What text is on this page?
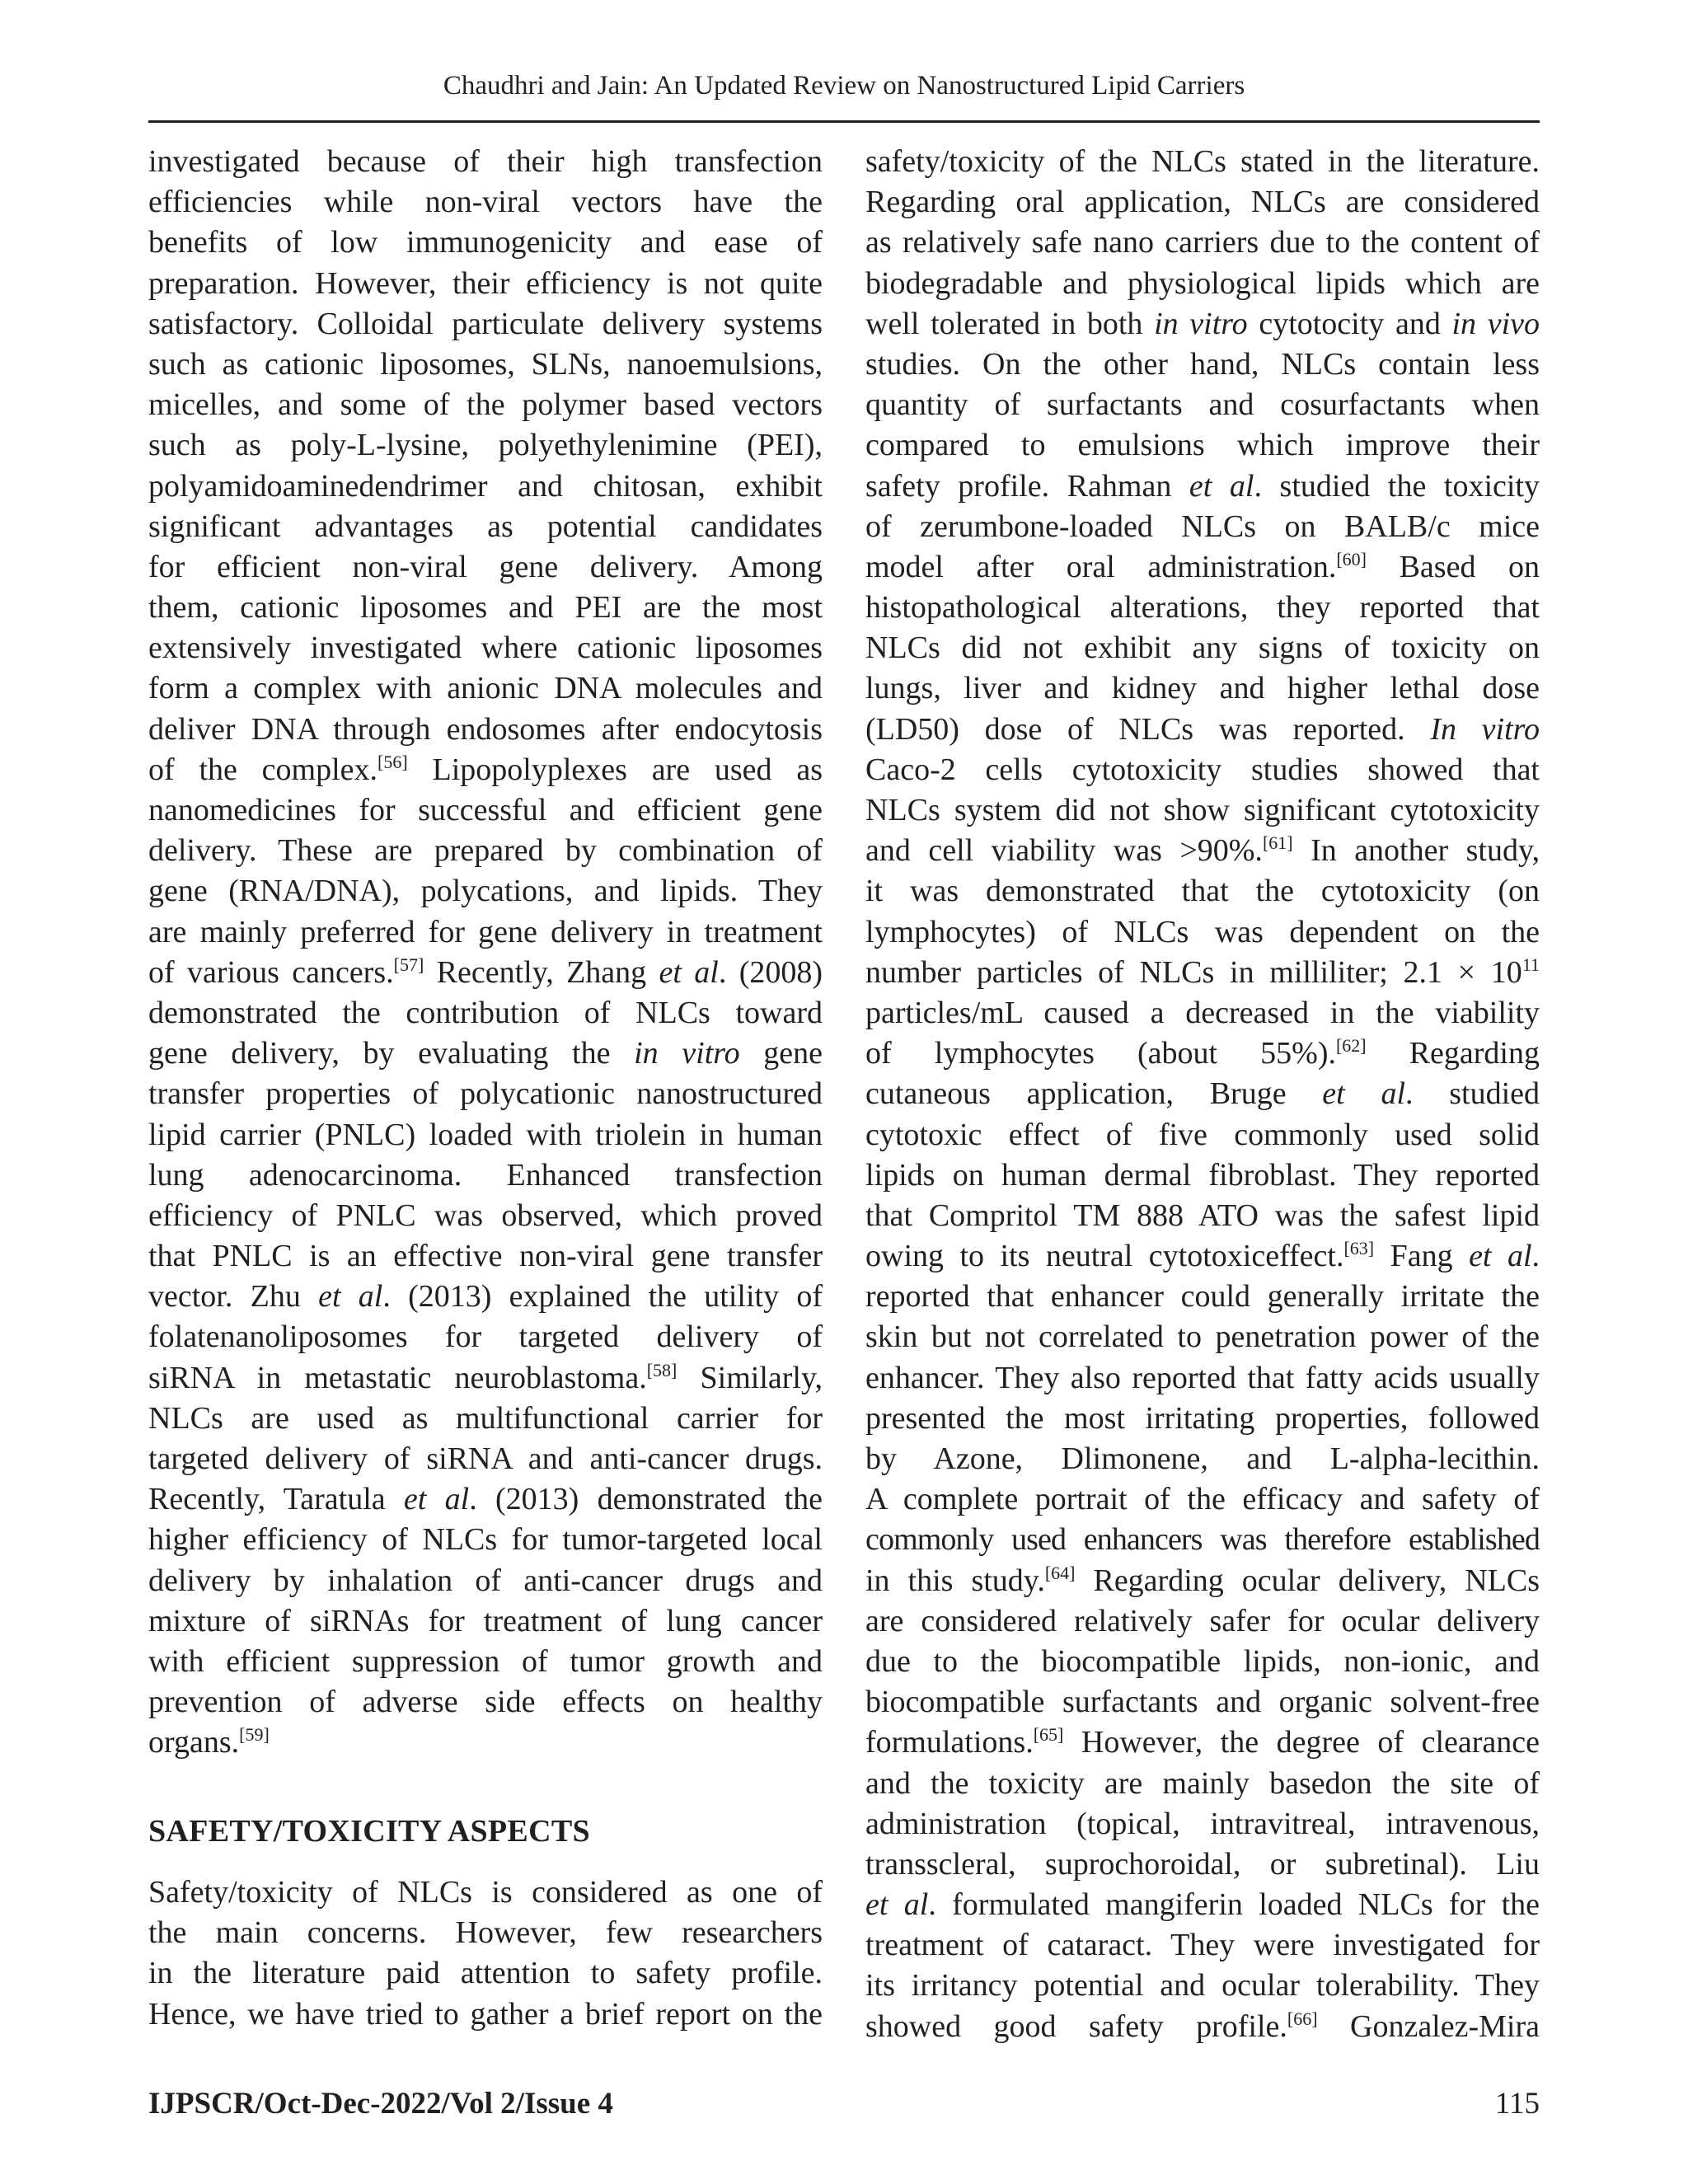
Chaudhri and Jain: An Updated Review on Nanostructured Lipid Carriers
investigated because of their high transfection
efficiencies while non-viral vectors have the
benefits of low immunogenicity and ease of
preparation. However, their efficiency is not quite
satisfactory. Colloidal particulate delivery systems
such as cationic liposomes, SLNs, nanoemulsions,
micelles, and some of the polymer based vectors
such as poly-L-lysine, polyethylenimine (PEI),
polyamidoaminedendrimer and chitosan, exhibit
significant advantages as potential candidates
for efficient non-viral gene delivery. Among
them, cationic liposomes and PEI are the most
extensively investigated where cationic liposomes
form a complex with anionic DNA molecules and
deliver DNA through endosomes after endocytosis
of the complex.[56] Lipopolyplexes are used as
nanomedicines for successful and efficient gene
delivery. These are prepared by combination of
gene (RNA/DNA), polycations, and lipids. They
are mainly preferred for gene delivery in treatment
of various cancers.[57] Recently, Zhang et al. (2008)
demonstrated the contribution of NLCs toward
gene delivery, by evaluating the in vitro gene
transfer properties of polycationic nanostructured
lipid carrier (PNLC) loaded with triolein in human
lung adenocarcinoma. Enhanced transfection
efficiency of PNLC was observed, which proved
that PNLC is an effective non-viral gene transfer
vector. Zhu et al. (2013) explained the utility of
folatenanoliposomes for targeted delivery of
siRNA in metastatic neuroblastoma.[58] Similarly,
NLCs are used as multifunctional carrier for
targeted delivery of siRNA and anti-cancer drugs.
Recently, Taratula et al. (2013) demonstrated the
higher efficiency of NLCs for tumor-targeted local
delivery by inhalation of anti-cancer drugs and
mixture of siRNAs for treatment of lung cancer
with efficient suppression of tumor growth and
prevention of adverse side effects on healthy
organs.[59]
SAFETY/TOXICITY ASPECTS
Safety/toxicity of NLCs is considered as one of
the main concerns. However, few researchers
in the literature paid attention to safety profile.
Hence, we have tried to gather a brief report on the
safety/toxicity of the NLCs stated in the literature.
Regarding oral application, NLCs are considered
as relatively safe nano carriers due to the content of
biodegradable and physiological lipids which are
well tolerated in both in vitro cytotocity and in vivo
studies. On the other hand, NLCs contain less
quantity of surfactants and cosurfactants when
compared to emulsions which improve their
safety profile. Rahman et al. studied the toxicity
of zerumbone-loaded NLCs on BALB/c mice
model after oral administration.[60] Based on
histopathological alterations, they reported that
NLCs did not exhibit any signs of toxicity on
lungs, liver and kidney and higher lethal dose
(LD50) dose of NLCs was reported. In vitro
Caco-2 cells cytotoxicity studies showed that
NLCs system did not show significant cytotoxicity
and cell viability was >90%.[61] In another study,
it was demonstrated that the cytotoxicity (on
lymphocytes) of NLCs was dependent on the
number particles of NLCs in milliliter; $2.1 \times 10^{11}$
particles/mL caused a decreased in the viability
of lymphocytes (about 55%).[62] Regarding
cutaneous application, Bruge et al. studied
cytotoxic effect of five commonly used solid
lipids on human dermal fibroblast. They reported
that Compritol TM 888 ATO was the safest lipid
owing to its neutral cytotoxiceffect.[63] Fang et al.
reported that enhancer could generally irritate the
skin but not correlated to penetration power of the
enhancer. They also reported that fatty acids usually
presented the most irritating properties, followed
by Azone, Dlimonene, and L-alpha-lecithin.
A complete portrait of the efficacy and safety of
commonly used enhancers was therefore established
in this study.[64] Regarding ocular delivery, NLCs
are considered relatively safer for ocular delivery
due to the biocompatible lipids, non-ionic, and
biocompatible surfactants and organic solvent-free
formulations.[65] However, the degree of clearance
and the toxicity are mainly basedon the site of
administration (topical, intravitreal, intravenous,
transscleral, suprochoroidal, or subretinal). Liu
et al. formulated mangiferin loaded NLCs for the
treatment of cataract. They were investigated for
its irritancy potential and ocular tolerability. They
showed good safety profile.[66] Gonzalez-Mira
IJPSCR/Oct-Dec-2022/Vol 2/Issue 4	115
